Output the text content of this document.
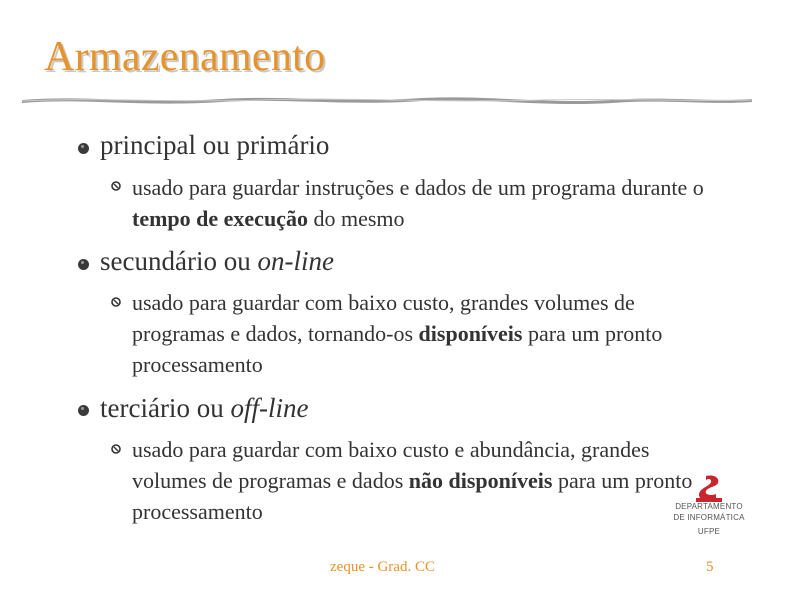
Armazenamento
principal ou primário
usado para guardar instruções e dados de um programa durante o tempo de execução do mesmo
secundário ou on-line
usado para guardar com baixo custo, grandes volumes de programas e dados, tornando-os disponíveis para um pronto processamento
terciário ou off-line
usado para guardar com baixo custo e abundância, grandes volumes de programas e dados não disponíveis para um pronto processamento	DEPARTAMENTO
DE INFORMÁTICA
UFPE
zeque - Grad. CC	5
